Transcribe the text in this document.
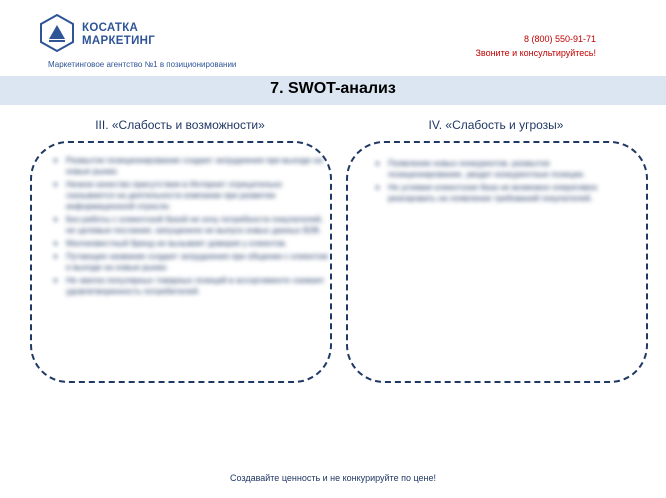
КОСАТКА
МАРКЕТИНГ
Маркетинговое агентство №1 в позиционировании
8 (800) 550-91-71
Звоните и консультируйтесь!
7. SWOT-анализ
III. «Слабость и возможности»	IV. «Слабость и угрозы»
• Размытое позиционирование создает затруднения при выходе на новые рынки.
• Низкое качество присутствия в Интернет отрицательно сказывается на деятельности компании при развитии информационной отрасли.
• Без работы с клиентской базой не хочу потребности покупателей, не целевые послания; запущенное не выпуск новых данных B2B.
• Малоизвестный бренд не вызывает доверия у клиентов.
• Путающее название создает затруднения при общении с клиентом и выходе на новые рынки.
• Не хватка популярных товарных позиций в ассортименте снижает удовлетворенность потребителей.
• Появление новых конкурентов, размытое позиционирование, уводит конкурентные позиции.
• Не успевая клиентская база не возможно оперативно реагировать на появление требований покупателей.
Создавайте ценность и не конкурируйте по цене!
